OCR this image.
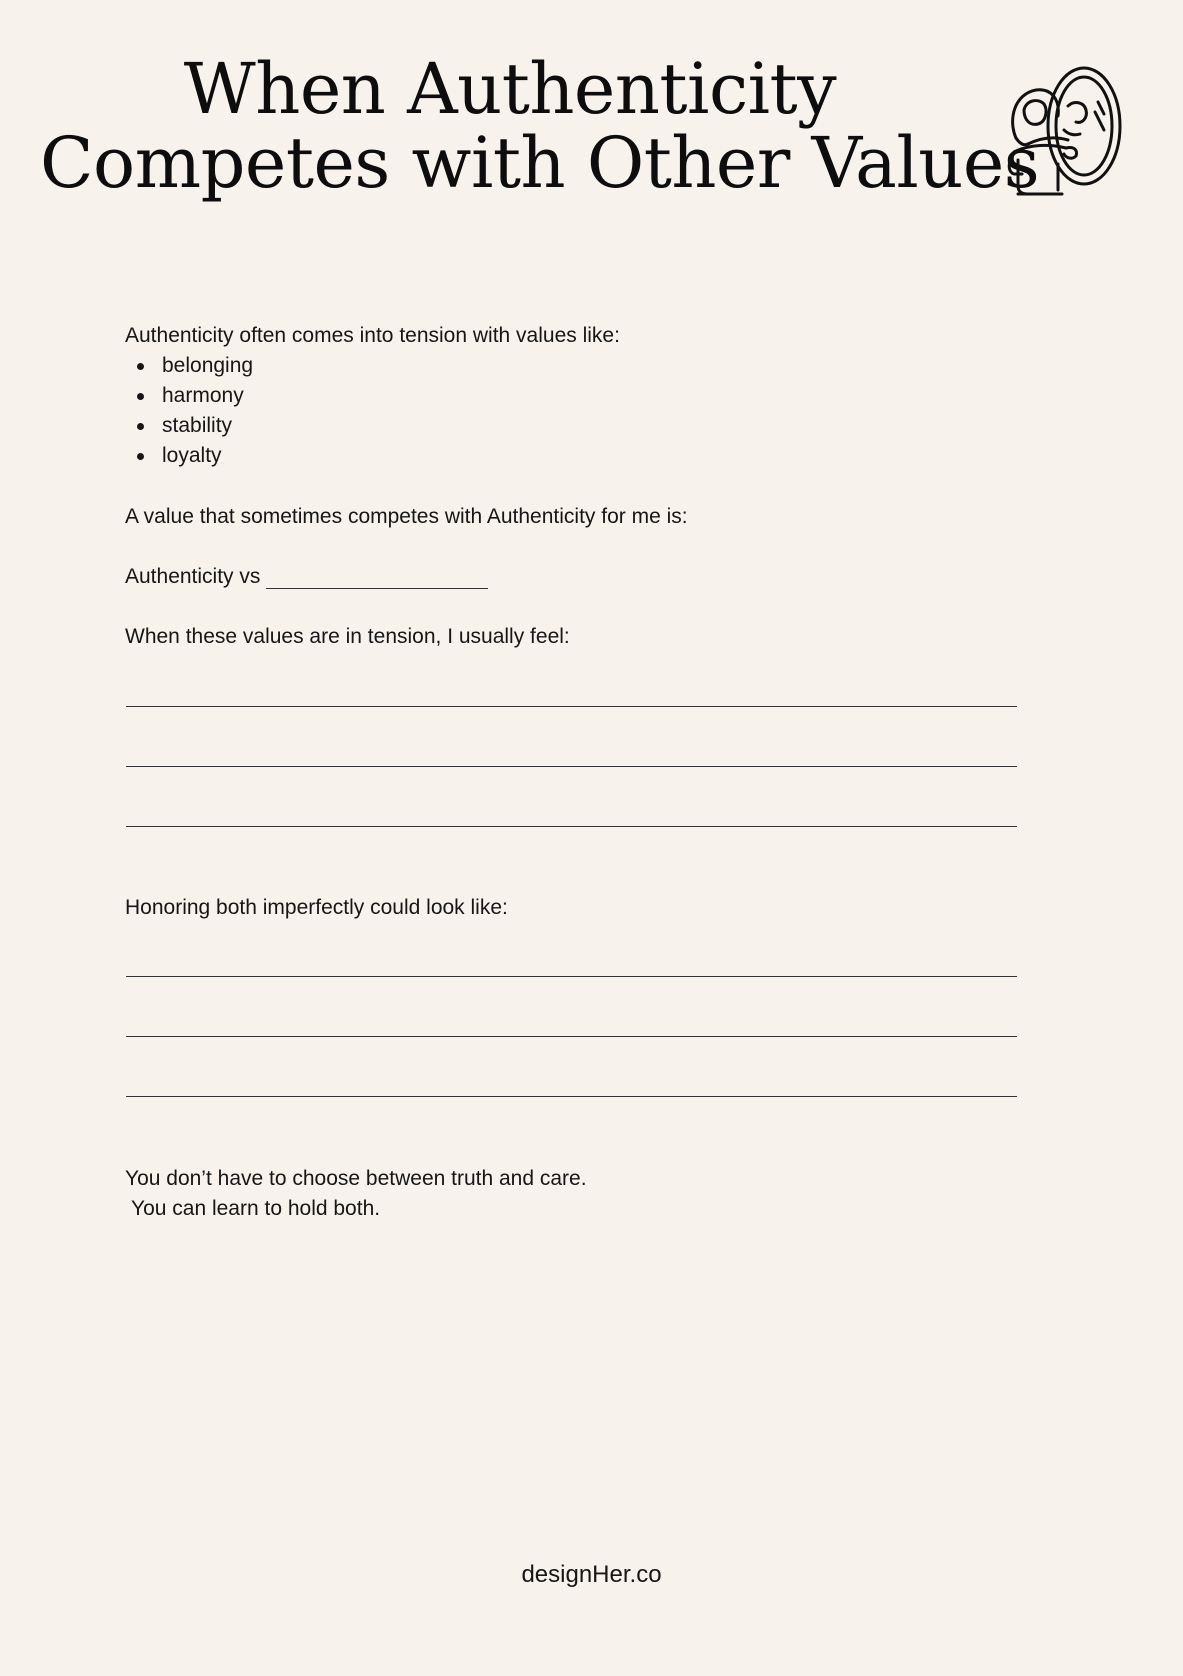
When Authenticity
Competes with Other Values
Authenticity often comes into tension with values like:
belonging
harmony
stability
loyalty
A value that sometimes competes with Authenticity for me is:
Authenticity vs
When these values are in tension, I usually feel:
Honoring both imperfectly could look like:
You don’t have to choose between truth and care.
You can learn to hold both.
designHer.co
